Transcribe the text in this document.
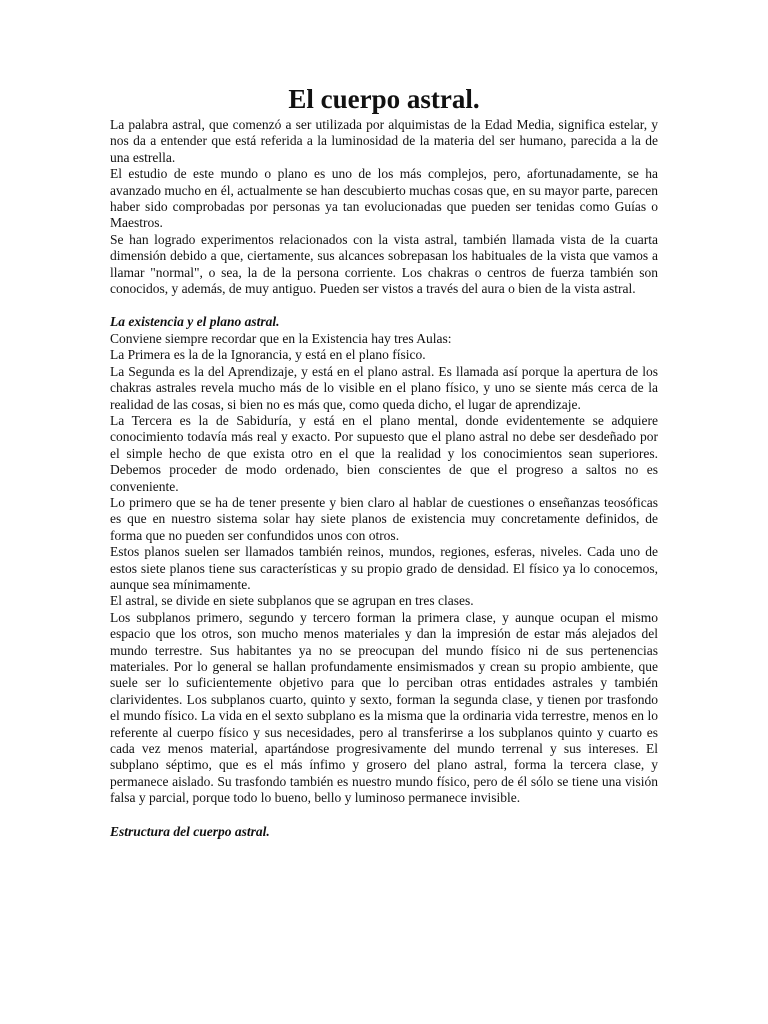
El cuerpo astral.

La palabra astral, que comenzó a ser utilizada por alquimistas de la Edad Media, significa estelar, y nos da a entender que está referida a la luminosidad de la materia del ser humano, parecida a la de una estrella.

El estudio de este mundo o plano es uno de los más complejos, pero, afortunadamente, se ha avanzado mucho en él, actualmente se han descubierto muchas cosas que, en su mayor parte, parecen haber sido comprobadas por personas ya tan evolucionadas que pueden ser tenidas como Guías o Maestros.

Se han logrado experimentos relacionados con la vista astral, también llamada vista de la cuarta dimensión debido a que, ciertamente, sus alcances sobrepasan los habituales de la vista que vamos a llamar "normal", o sea, la de la persona corriente. Los chakras o centros de fuerza también son conocidos, y además, de muy antiguo. Pueden ser vistos a través del aura o bien de la vista astral.

La existencia y el plano astral.

Conviene siempre recordar que en la Existencia hay tres Aulas:

La Primera es la de la Ignorancia, y está en el plano físico.

La Segunda es la del Aprendizaje, y está en el plano astral. Es llamada así porque la apertura de los chakras astrales revela mucho más de lo visible en el plano físico, y uno se siente más cerca de la realidad de las cosas, si bien no es más que, como queda dicho, el lugar de aprendizaje.

La Tercera es la de Sabiduría, y está en el plano mental, donde evidentemente se adquiere conocimiento todavía más real y exacto. Por supuesto que el plano astral no debe ser desdeñado por el simple hecho de que exista otro en el que la realidad y los conocimientos sean superiores. Debemos proceder de modo ordenado, bien conscientes de que el progreso a saltos no es conveniente.

Lo primero que se ha de tener presente y bien claro al hablar de cuestiones o enseñanzas teosóficas es que en nuestro sistema solar hay siete planos de existencia muy concretamente definidos, de forma que no pueden ser confundidos unos con otros.

Estos planos suelen ser llamados también reinos, mundos, regiones, esferas, niveles. Cada uno de estos siete planos tiene sus características y su propio grado de densidad. El físico ya lo conocemos, aunque sea mínimamente.

El astral, se divide en siete subplanos que se agrupan en tres clases.

Los subplanos primero, segundo y tercero forman la primera clase, y aunque ocupan el mismo espacio que los otros, son mucho menos materiales y dan la impresión de estar más alejados del mundo terrestre. Sus habitantes ya no se preocupan del mundo físico ni de sus pertenencias materiales. Por lo general se hallan profundamente ensimismados y crean su propio ambiente, que suele ser lo suficientemente objetivo para que lo perciban otras entidades astrales y también clarividentes. Los subplanos cuarto, quinto y sexto, forman la segunda clase, y tienen por trasfondo el mundo físico. La vida en el sexto subplano es la misma que la ordinaria vida terrestre, menos en lo referente al cuerpo físico y sus necesidades, pero al transferirse a los subplanos quinto y cuarto es cada vez menos material, apartándose progresivamente del mundo terrenal y sus intereses. El subplano séptimo, que es el más ínfimo y grosero del plano astral, forma la tercera clase, y permanece aislado. Su trasfondo también es nuestro mundo físico, pero de él sólo se tiene una visión falsa y parcial, porque todo lo bueno, bello y luminoso permanece invisible.

Estructura del cuerpo astral.
